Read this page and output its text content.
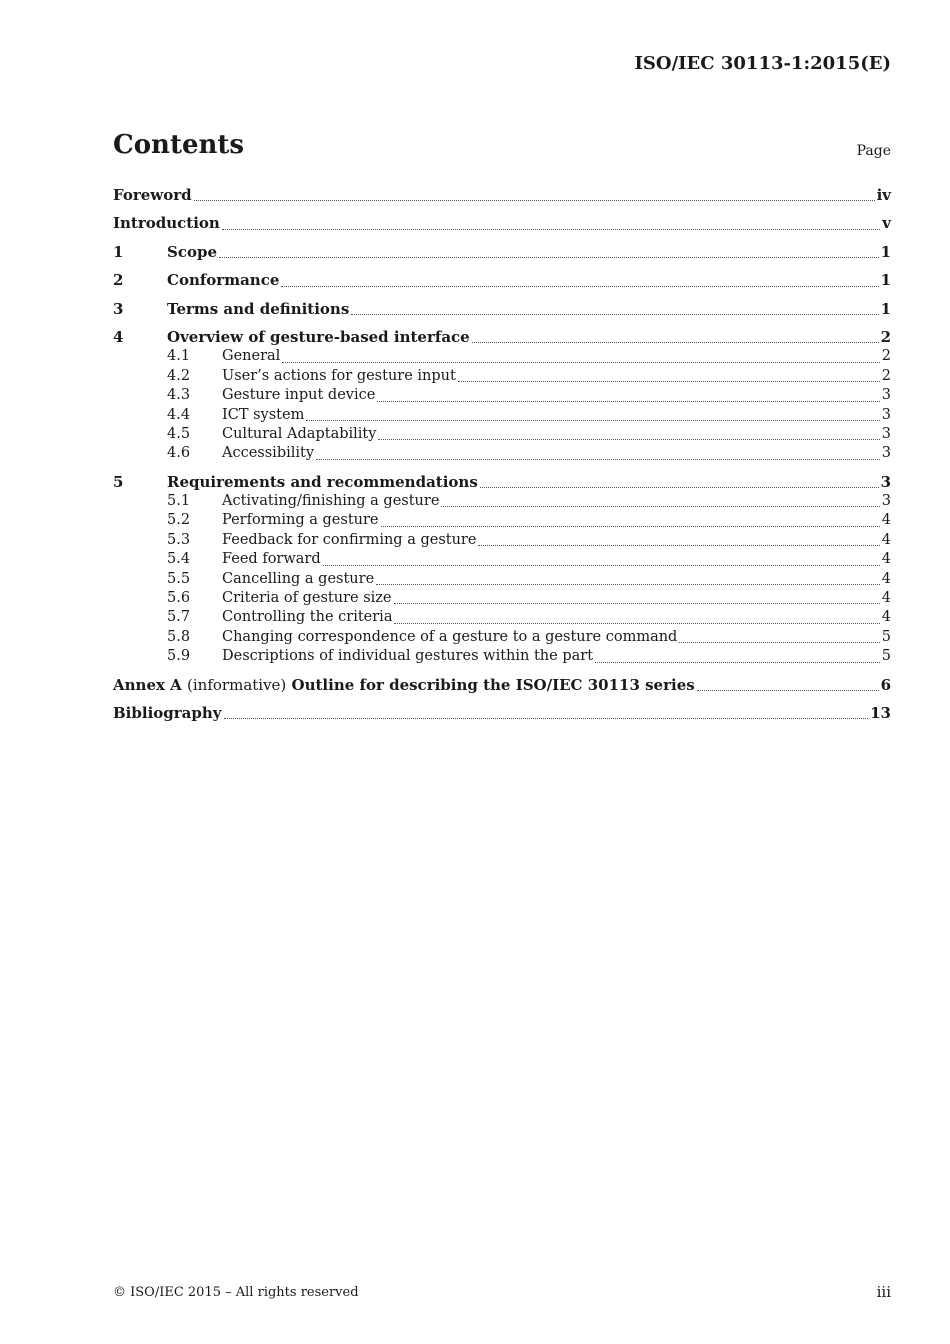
ISO/IEC 30113-1:2015(E)
Contents	Page
Foreword	iv
Introduction	v
1	Scope	1
2	Conformance	1
3	Terms and definitions	1
4	Overview of gesture-based interface	2
4.1	General	2
4.2	User’s actions for gesture input	2
4.3	Gesture input device	3
4.4	ICT system	3
4.5	Cultural Adaptability	3
4.6	Accessibility	3
5	Requirements and recommendations	3
5.1	Activating/finishing a gesture	3
5.2	Performing a gesture	4
5.3	Feedback for confirming a gesture	4
5.4	Feed forward	4
5.5	Cancelling a gesture	4
5.6	Criteria of gesture size	4
5.7	Controlling the criteria	4
5.8	Changing correspondence of a gesture to a gesture command	5
5.9	Descriptions of individual gestures within the part	5
Annex A (informative) Outline for describing the ISO/IEC 30113 series	6
Bibliography	13
© ISO/IEC 2015 – All rights reserved	iii
